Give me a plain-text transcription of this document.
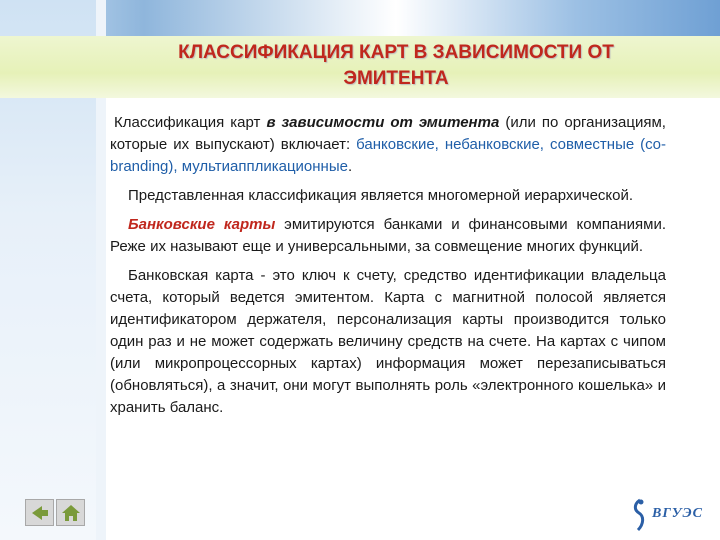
КЛАССИФИКАЦИЯ КАРТ В ЗАВИСИМОСТИ ОТ
ЭМИТЕНТА

Классификация карт в зависимости от эмитента (или по организациям, которые их выпускают) включает: банковские, небанковские, совместные (co-branding), мультиаппликационные.

Представленная классификация является многомерной иерархической.

Банковские карты эмитируются банками и финансовыми компаниями. Реже их называют еще и универсальными, за совмещение многих функций.

Банковская карта - это ключ к счету, средство идентификации владельца счета, который ведется эмитентом. Карта с магнитной полосой является идентификатором держателя, персонализация карты производится только один раз и не может содержать величину средств на счете. На картах с чипом (или микропроцессорных картах) информация может перезаписываться (обновляться), а значит, они могут выполнять роль «электронного кошелька» и хранить баланс.

ВГУЭС
